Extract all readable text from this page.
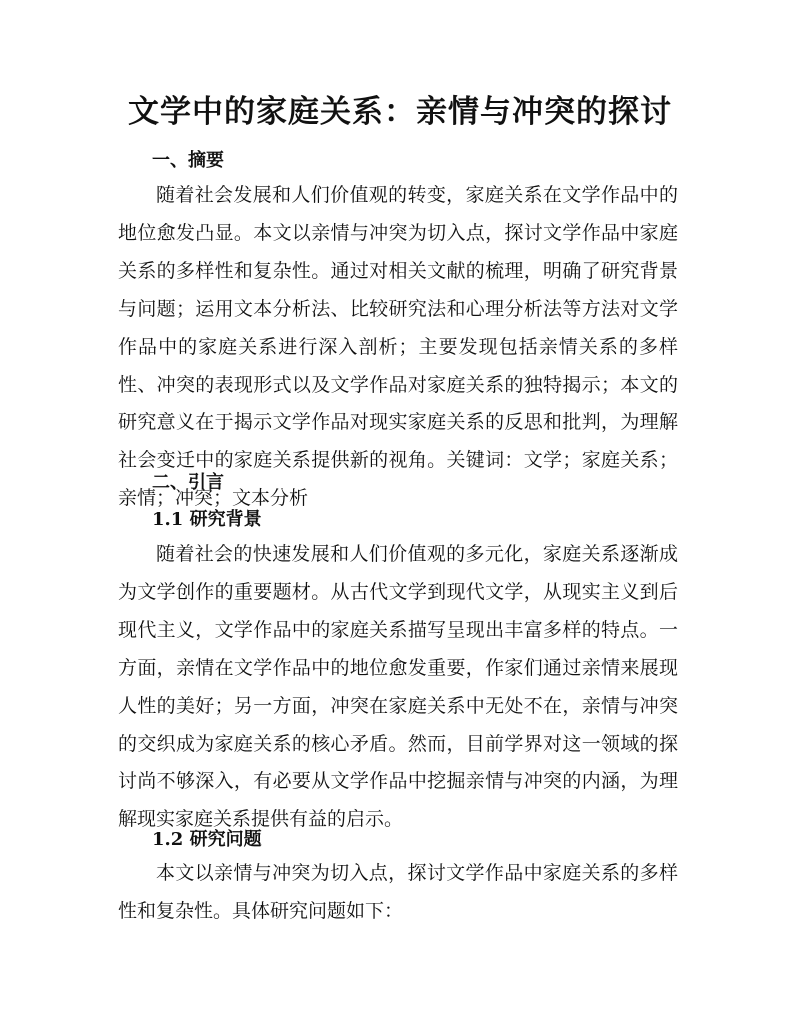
文学中的家庭关系：亲情与冲突的探讨
一、摘要

随着社会发展和人们价值观的转变，家庭关系在文学作品中的地位愈发凸显。本文以亲情与冲突为切入点，探讨文学作品中家庭关系的多样性和复杂性。通过对相关文献的梳理，明确了研究背景与问题；运用文本分析法、比较研究法和心理分析法等方法对文学作品中的家庭关系进行深入剖析；主要发现包括亲情关系的多样性、冲突的表现形式以及文学作品对家庭关系的独特揭示；本文的研究意义在于揭示文学作品对现实家庭关系的反思和批判，为理解社会变迁中的家庭关系提供新的视角。关键词：文学；家庭关系；亲情；冲突；文本分析

二、引言
1.1 研究背景

随着社会的快速发展和人们价值观的多元化，家庭关系逐渐成为文学创作的重要题材。从古代文学到现代文学，从现实主义到后现代主义，文学作品中的家庭关系描写呈现出丰富多样的特点。一方面，亲情在文学作品中的地位愈发重要，作家们通过亲情来展现人性的美好；另一方面，冲突在家庭关系中无处不在，亲情与冲突的交织成为家庭关系的核心矛盾。然而，目前学界对这一领域的探讨尚不够深入，有必要从文学作品中挖掘亲情与冲突的内涵，为理解现实家庭关系提供有益的启示。

1.2 研究问题

本文以亲情与冲突为切入点，探讨文学作品中家庭关系的多样性和复杂性。具体研究问题如下：
